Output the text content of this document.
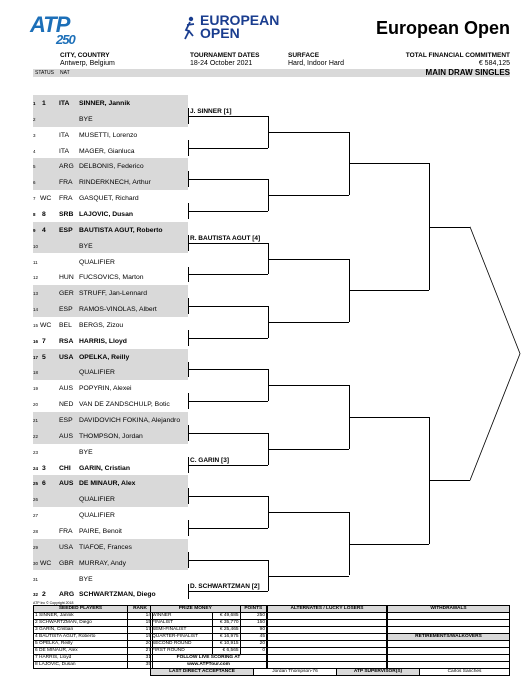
ATP
250
EUROPEAN
OPEN	European Open
CITY, COUNTRY
Antwerp, Belgium
TOURNAMENT DATES
18-24 October 2021
SURFACE
Hard, Indoor Hard
TOTAL FINANCIAL COMMITMENT
€ 584,125
STATUS NAT	MAIN DRAW SINGLES
1 1 ITA SINNER, Jannik
2	BYE
3	ITA MUSETTI, Lorenzo
4	ITA MAGER, Gianluca
5	ARG DELBONIS, Federico
6	FRA RINDERKNECH, Arthur
7 WC FRA GASQUET, Richard
8 8 SRB LAJOVIC, Dusan
9 4 ESP BAUTISTA AGUT, Roberto
10	BYE
11	QUALIFIER
12	HUN FUCSOVICS, Marton
13	GER STRUFF, Jan-Lennard
14	ESP RAMOS-VINOLAS, Albert
15 WC BEL BERGS, Zizou
16 7 RSA HARRIS, Lloyd
17 5 USA OPELKA, Reilly
18	QUALIFIER
19	AUS POPYRIN, Alexei
20	NED VAN DE ZANDSCHULP, Botic
21	ESP DAVIDOVICH FOKINA, Alejandro
22	AUS THOMPSON, Jordan
23	BYE
24 3 CHI GARIN, Cristian
25 6 AUS DE MINAUR, Alex
26	QUALIFIER
27	QUALIFIER
28	FRA PAIRE, Benoit
29	USA TIAFOE, Frances
30 WC GBR MURRAY, Andy
31	BYE
32 2 ARG SCHWARTZMAN, Diego
J. SINNER [1]
R. BAUTISTA AGUT [4]
C. GARIN [3]
D. SCHWARTZMAN [2]
ATP Inc © Copyright 2018
SEEDED PLAYERS	RANK
1 SINNER, Jannik	14
2 SCHWARTZMAN, Diego	15
3 GARIN, Cristian	17
4 BAUTISTA AGUT, Roberto	19
5 OPELKA, Reilly	20
6 DE MINAUR, Alex	27
7 HARRIS, Lloyd	31
8 LAJOVIC, Dusan	35
PRIZE MONEY		POINTS
WINNER	€ 49,685	250
FINALIST	€ 35,770	150
SEMI-FINALIST	€ 25,465	90
QUARTER-FINALIST	€ 16,975	45
SECOND ROUND	€ 10,915	20
FIRST ROUND	€ 6,565	0
FOLLOW LIVE SCORING AT		
www.ATPTour.com		
ALTERNATES / LUCKY LOSERS

	WITHDRAWALS

RETIREMENTS/WALKOVERS

LAST DIRECT ACCEPTANCE	Jordan Thompson-76	ATP SUPERVISOR(S)	Carlos Sanches
